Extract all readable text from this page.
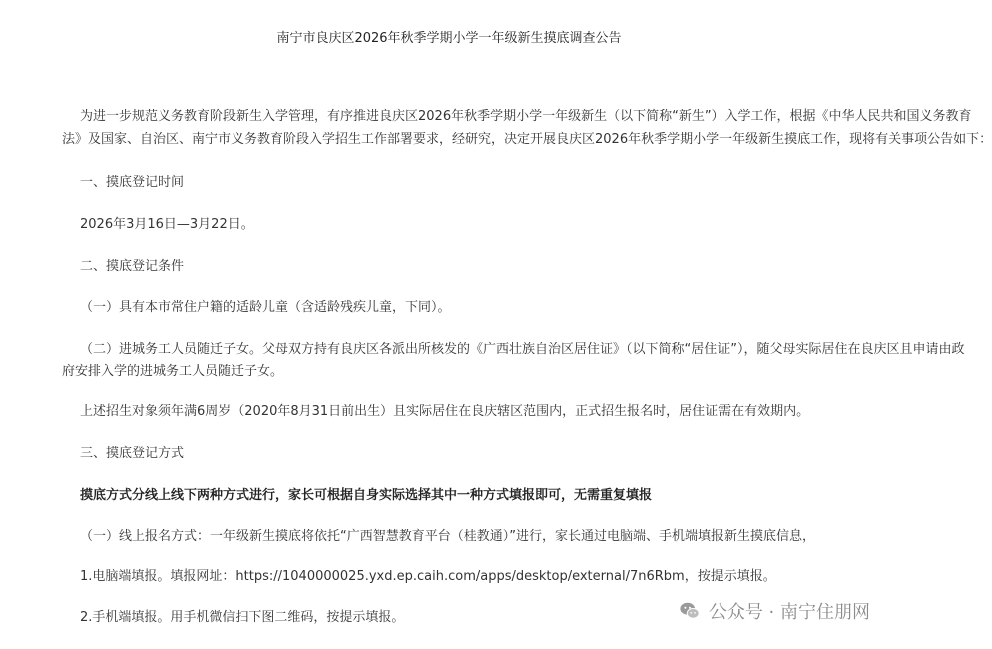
南宁市良庆区2026年秋季学期小学一年级新生摸底调查公告

为进一步规范义务教育阶段新生入学管理，有序推进良庆区2026年秋季学期小学一年级新生（以下简称“新生”）入学工作，根据《中华人民共和国义务教育

法》及国家、自治区、南宁市义务教育阶段入学招生工作部署要求，经研究，决定开展良庆区2026年秋季学期小学一年级新生摸底工作，现将有关事项公告如下：

一、摸底登记时间

2026年3月16日—3月22日。

二、摸底登记条件

（一）具有本市常住户籍的适龄儿童（含适龄残疾儿童，下同）。

（二）进城务工人员随迁子女。父母双方持有良庆区各派出所核发的《广西壮族自治区居住证》（以下简称“居住证”），随父母实际居住在良庆区且申请由政

府安排入学的进城务工人员随迁子女。

上述招生对象须年满6周岁（2020年8月31日前出生）且实际居住在良庆辖区范围内，正式招生报名时，居住证需在有效期内。

三、摸底登记方式

摸底方式分线上线下两种方式进行，家长可根据自身实际选择其中一种方式填报即可，无需重复填报

（一）线上报名方式：一年级新生摸底将依托“广西智慧教育平台（桂教通）”进行，家长通过电脑端、手机端填报新生摸底信息，

1.电脑端填报。填报网址：https://1040000025.yxd.ep.caih.com/apps/desktop/external/7n6Rbm，按提示填报。

2.手机端填报。用手机微信扫下图二维码，按提示填报。	公众号 · 南宁住朋网
